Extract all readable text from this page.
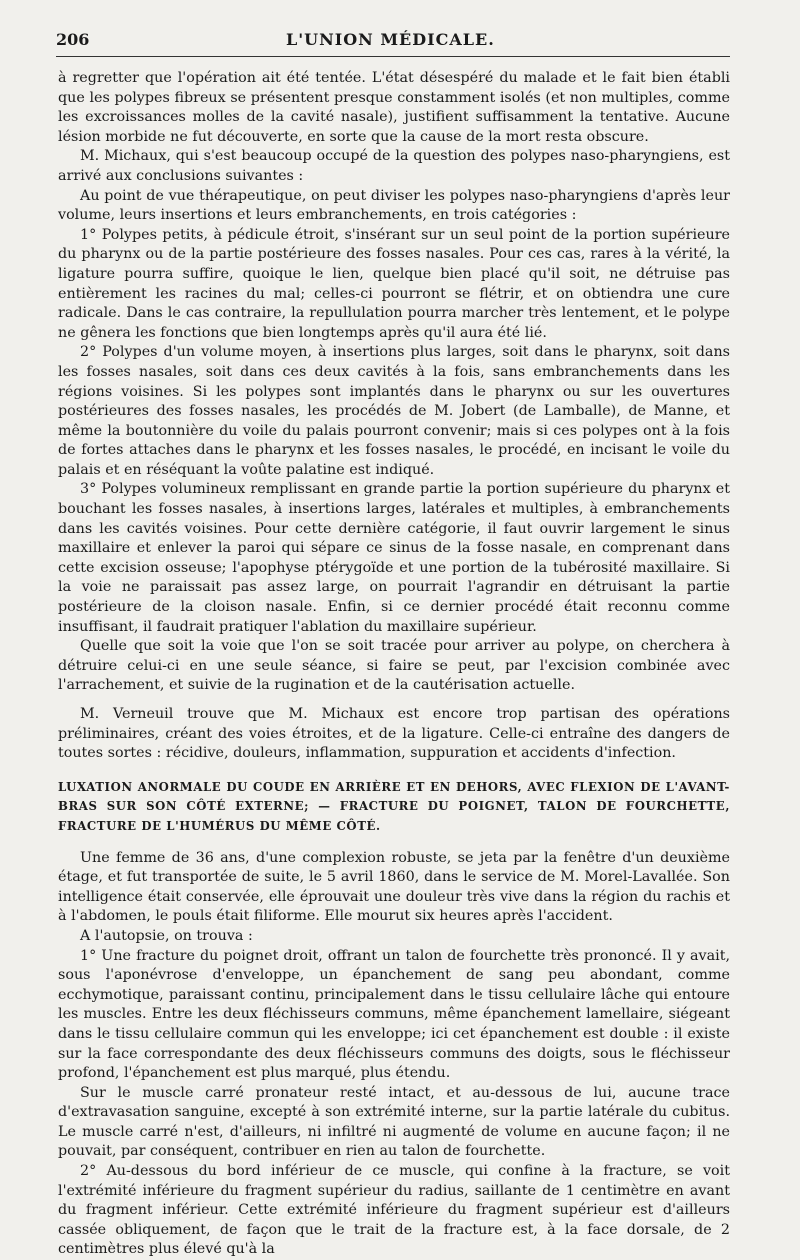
206	L'UNION MÉDICALE.

à regretter que l'opération ait été tentée. L'état désespéré du malade et le fait bien établi que les polypes fibreux se présentent presque constamment isolés (et non multiples, comme les excroissances molles de la cavité nasale), justifient suffisamment la tentative. Aucune lésion morbide ne fut découverte, en sorte que la cause de la mort resta obscure.

M. Michaux, qui s'est beaucoup occupé de la question des polypes naso-pharyngiens, est arrivé aux conclusions suivantes :

Au point de vue thérapeutique, on peut diviser les polypes naso-pharyngiens d'après leur volume, leurs insertions et leurs embranchements, en trois catégories :

1° Polypes petits, à pédicule étroit, s'insérant sur un seul point de la portion supérieure du pharynx ou de la partie postérieure des fosses nasales. Pour ces cas, rares à la vérité, la ligature pourra suffire, quoique le lien, quelque bien placé qu'il soit, ne détruise pas entièrement les racines du mal; celles-ci pourront se flétrir, et on obtiendra une cure radicale. Dans le cas contraire, la repullulation pourra marcher très lentement, et le polype ne gênera les fonctions que bien longtemps après qu'il aura été lié.

2° Polypes d'un volume moyen, à insertions plus larges, soit dans le pharynx, soit dans les fosses nasales, soit dans ces deux cavités à la fois, sans embranchements dans les régions voisines. Si les polypes sont implantés dans le pharynx ou sur les ouvertures postérieures des fosses nasales, les procédés de M. Jobert (de Lamballe), de Manne, et même la boutonnière du voile du palais pourront convenir; mais si ces polypes ont à la fois de fortes attaches dans le pharynx et les fosses nasales, le procédé, en incisant le voile du palais et en réséquant la voûte palatine est indiqué.

3° Polypes volumineux remplissant en grande partie la portion supérieure du pharynx et bouchant les fosses nasales, à insertions larges, latérales et multiples, à embranchements dans les cavités voisines. Pour cette dernière catégorie, il faut ouvrir largement le sinus maxillaire et enlever la paroi qui sépare ce sinus de la fosse nasale, en comprenant dans cette excision osseuse; l'apophyse ptérygoïde et une portion de la tubérosité maxillaire. Si la voie ne paraissait pas assez large, on pourrait l'agrandir en détruisant la partie postérieure de la cloison nasale. Enfin, si ce dernier procédé était reconnu comme insuffisant, il faudrait pratiquer l'ablation du maxillaire supérieur.

Quelle que soit la voie que l'on se soit tracée pour arriver au polype, on cherchera à détruire celui-ci en une seule séance, si faire se peut, par l'excision combinée avec l'arrachement, et suivie de la rugination et de la cautérisation actuelle.

M. Verneuil trouve que M. Michaux est encore trop partisan des opérations préliminaires, créant des voies étroites, et de la ligature. Celle-ci entraîne des dangers de toutes sortes : récidive, douleurs, inflammation, suppuration et accidents d'infection.

LUXATION ANORMALE DU COUDE EN ARRIÈRE ET EN DEHORS, AVEC FLEXION DE L'AVANT-BRAS SUR SON CÔTÉ EXTERNE; — FRACTURE DU POIGNET, TALON DE FOURCHETTE, FRACTURE DE L'HUMÉRUS DU MÊME CÔTÉ.

Une femme de 36 ans, d'une complexion robuste, se jeta par la fenêtre d'un deuxième étage, et fut transportée de suite, le 5 avril 1860, dans le service de M. Morel-Lavallée. Son intelligence était conservée, elle éprouvait une douleur très vive dans la région du rachis et à l'abdomen, le pouls était filiforme. Elle mourut six heures après l'accident.

A l'autopsie, on trouva :

1° Une fracture du poignet droit, offrant un talon de fourchette très prononcé. Il y avait, sous l'aponévrose d'enveloppe, un épanchement de sang peu abondant, comme ecchymotique, paraissant continu, principalement dans le tissu cellulaire lâche qui entoure les muscles. Entre les deux fléchisseurs communs, même épanchement lamellaire, siégeant dans le tissu cellulaire commun qui les enveloppe; ici cet épanchement est double : il existe sur la face correspondante des deux fléchisseurs communs des doigts, sous le fléchisseur profond, l'épanchement est plus marqué, plus étendu.

Sur le muscle carré pronateur resté intact, et au-dessous de lui, aucune trace d'extravasation sanguine, excepté à son extrémité interne, sur la partie latérale du cubitus. Le muscle carré n'est, d'ailleurs, ni infiltré ni augmenté de volume en aucune façon; il ne pouvait, par conséquent, contribuer en rien au talon de fourchette.

2° Au-dessous du bord inférieur de ce muscle, qui confine à la fracture, se voit l'extrémité inférieure du fragment supérieur du radius, saillante de 1 centimètre en avant du fragment inférieur. Cette extrémité inférieure du fragment supérieur est d'ailleurs cassée obliquement, de façon que le trait de la fracture est, à la face dorsale, de 2 centimètres plus élevé qu'à la
